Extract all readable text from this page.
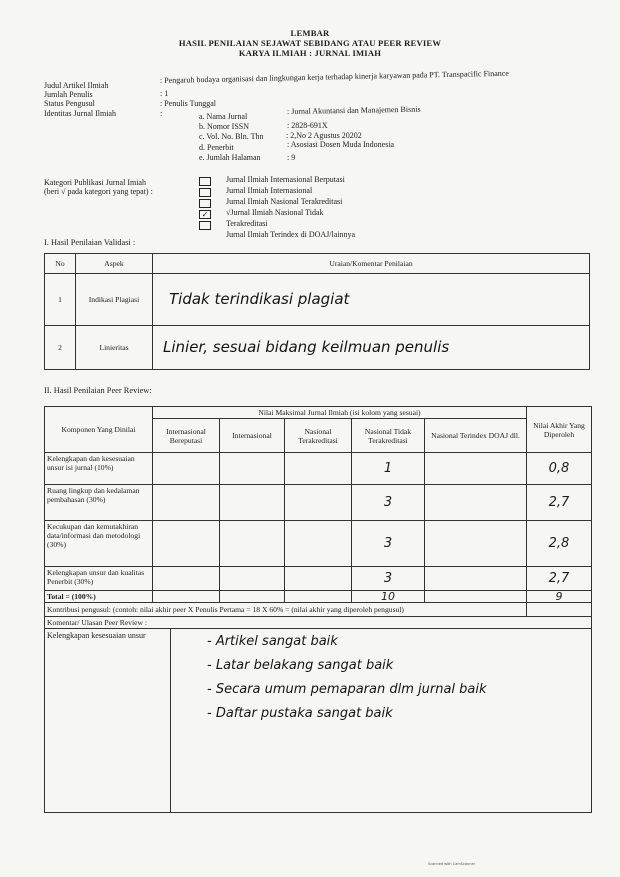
LEMBAR
HASIL PENILAIAN SEJAWAT SEBIDANG ATAU PEER REVIEW
KARYA ILMIAH : JURNAL IMIAH
Judul Artikel Ilmiah
: Pengaruh budaya organisasi dan lingkungan kerja terhadap kinerja karyawan pada PT. Transpacific Finance
Jumlah Penulis	: 1
Status Pengusul	: Penulis Tunggal
Identitas Jurnal Ilmiah	:	a. Nama Jurnal
: Jurnal Akuntansi dan Manajemen Bisnis
b. Nomor ISSN	: 2828-691X
c. Vol. No. Bln. Thn	: 2,No 2 Agustus 20202
d. Penerbit	: Asosiasi Dosen Muda Indonesia
e. Jumlah Halaman	: 9
Kategori Publikasi Jurnal Imiah
(beri √ pada kategori yang tepat) :
Jurnal Ilmiah Internasional Berputasi
Jurnal Ilmiah Internasional
Jurnal Ilmiah Nasional Terakreditasi
✓	√Jurnal Ilmiah Nasional Tidak
Terakreditasi
Jurnal Ilmiah Terindex di DOAJ/lainnya
I. Hasil Penilaian Validasi :
No	Aspek	Uraian/Komentar Penilaian
1	Indikasi Plagiasi	Tidak terindikasi plagiat
2	Linieritas	Linier, sesuai bidang keilmuan penulis
II. Hasil Penilaian Peer Review:
Komponen Yang Dinilai	Nilai Maksimal Jurnal Ilmiah (isi kolom yang sesuai)					Nilai Akhir Yang Diperoleh
	Internasional Bereputasi	Internasional	Nasional Terakreditasi	Nasional Tidak Terakreditasi	Nasional Terindex DOAJ dll.	
Kelengkapan dan kesesuaian unsur isi jurnal (10%)				1		0,8
Ruang lingkup dan kedalaman pembahasan (30%)				3		2,7
Kecukupan dan kemutakhiran data/informasi dan metodologi (30%)				3		2,8
Kelengkapan unsur dan kualitas Penerbit (30%)				3		2,7
Total = (100%)				10		9
Kontribusi pengusul: (contoh: nilai akhir peer X Penulis Pertama = 18 X 60% = (nilai akhir yang diperoleh pengusul)						
Komentar/ Ulasan Peer Review :						

Kelengkapan kesesuaian unsur - Artikel sangat baik
- Latar belakang sangat baik
- Secara umum pemaparan dlm jurnal baik
- Daftar pustaka sangat baik						
Scanned with CamScanner
